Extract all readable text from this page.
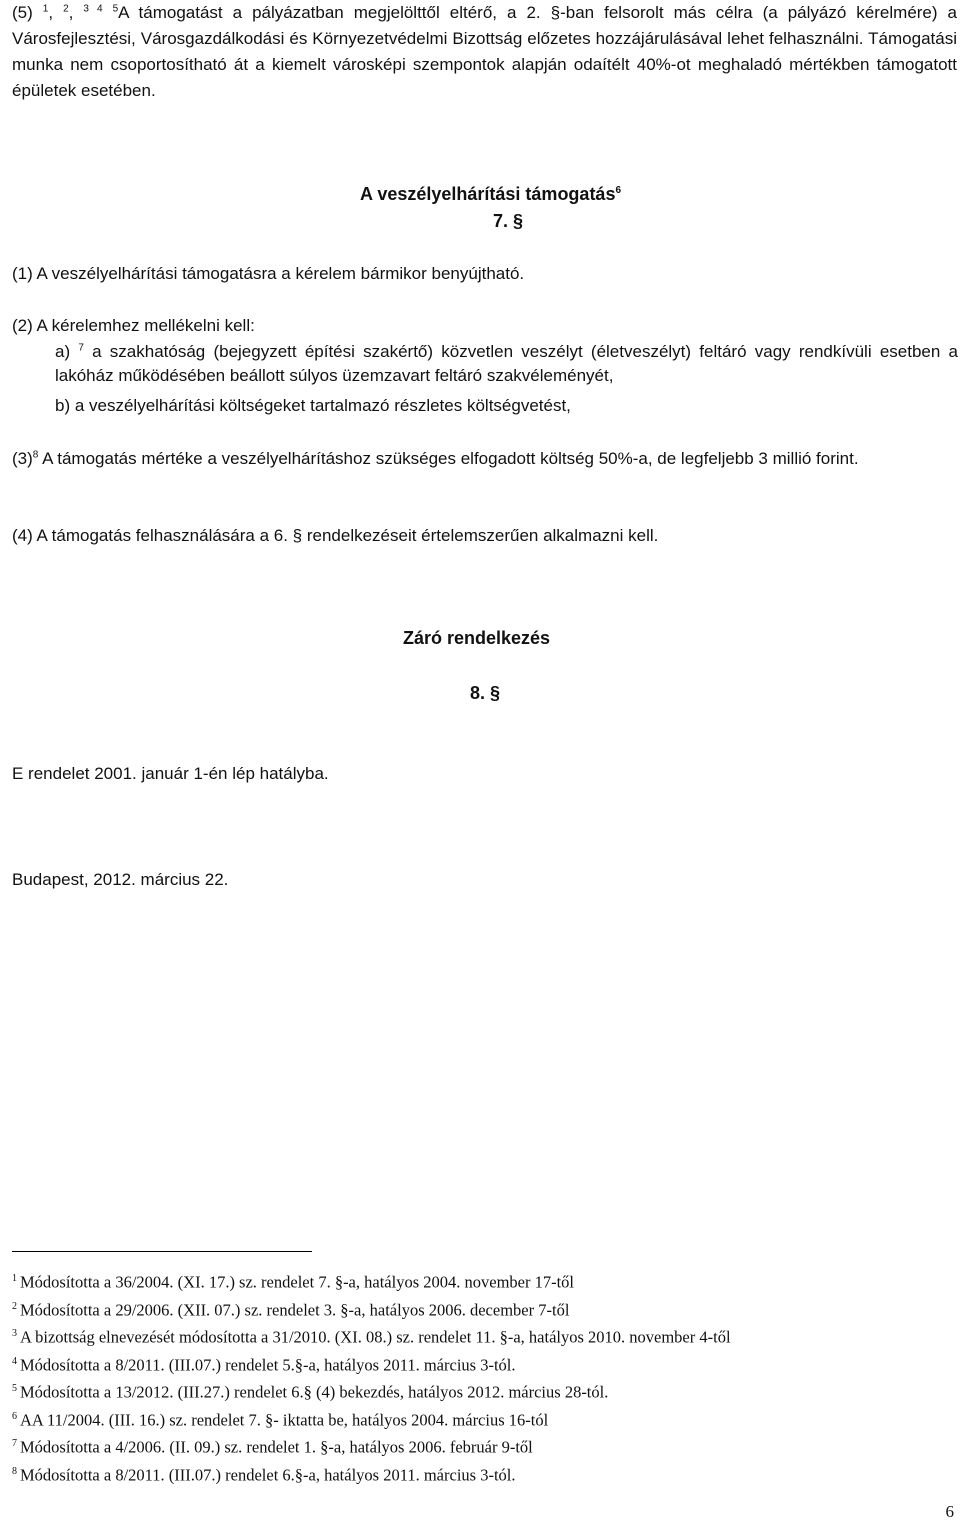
(5) $^1$, $^2$, $^{3 4}$ $^5$A támogatást a pályázatban megjelölttől eltérő, a 2. §-ban felsorolt más célra (a pályázó kérelmére) a Városfejlesztési, Városgazdálkodási és Környezetvédelmi Bizottság előzetes hozzájárulásával lehet felhasználni. Támogatási munka nem csoportosítható át a kiemelt városképi szempontok alapján odaítélt 40%-ot meghaladó mértékben támogatott épületek esetében.
A veszélyelhárítási támogatás$^6$
7. §
(1) A veszélyelhárítási támogatásra a kérelem bármikor benyújtható.
(2) A kérelemhez mellékelni kell:
a) $^7$ a szakhatóság (bejegyzett építési szakértő) közvetlen veszélyt (életveszélyt) feltáró vagy rendkívüli esetben a lakóház működésében beállott súlyos üzemzavart feltáró szakvéleményét,
b) a veszélyelhárítási költségeket tartalmazó részletes költségvetést,
$(3)^8$ A támogatás mértéke a veszélyelhárításhoz szükséges elfogadott költség 50%-a, de legfeljebb 3 millió forint.
(4) A támogatás felhasználására a 6. § rendelkezéseit értelemszerűen alkalmazni kell.
Záró rendelkezés
8. §
E rendelet 2001. január 1-én lép hatályba.
Budapest, 2012. március 22.
$^1$ Módosította a 36/2004. (XI. 17.) sz. rendelet 7. §-a, hatályos 2004. november 17-től
$^2$ Módosította a 29/2006. (XII. 07.) sz. rendelet 3. §-a, hatályos 2006. december 7-től
$^3$ A bizottság elnevezését módosította a 31/2010. (XI. 08.) sz. rendelet 11. §-a, hatályos 2010. november 4-től
$^4$ Módosította a 8/2011. (III.07.) rendelet 5.§-a, hatályos 2011. március 3-tól.
$^5$ Módosította a 13/2012. (III.27.) rendelet 6.§ (4) bekezdés, hatályos 2012. március 28-tól.
$^6$ AA 11/2004. (III. 16.) sz. rendelet 7. §- iktatta be, hatályos 2004. március 16-tól
$^7$ Módosította a 4/2006. (II. 09.) sz. rendelet 1. §-a, hatályos 2006. február 9-től
$^8$ Módosította a 8/2011. (III.07.) rendelet 6.§-a, hatályos 2011. március 3-tól.
6
